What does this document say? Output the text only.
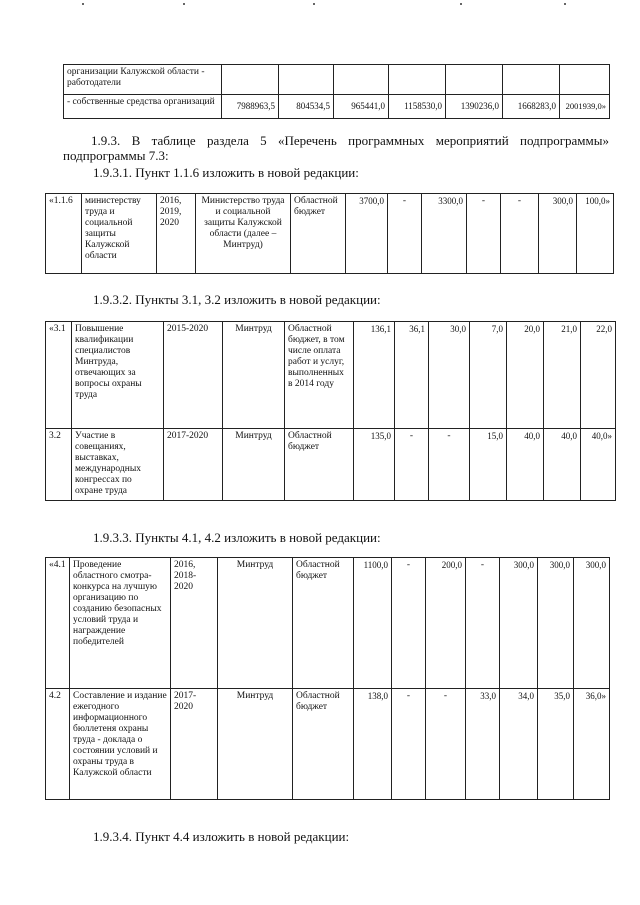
организации Калужской области - работодатели							
- собственные средства организаций	7988963,5	804534,5	965441,0	1158530,0	1390236,0	1668283,0	2001939,0»
1.9.3. В таблице раздела 5 «Перечень программных мероприятий подпрограммы» подпрограммы 7.3:
1.9.3.1. Пункт 1.1.6 изложить в новой редакции:
«1.1.6	министерству труда и социальной защиты Калужской области	2016, 2019, 2020	Министерство труда и социальной защиты Калужской области (далее – Минтруд)	Областной бюджет	3700,0	-	3300,0	-	-	300,0	100,0»
1.9.3.2. Пункты 3.1, 3.2 изложить в новой редакции:
«3.1	Повышение квалификации специалистов Минтруда, отвечающих за вопросы охраны труда	2015-2020	Минтруд	Областной бюджет, в том числе оплата работ и услуг, выполненных в 2014 году	136,1	36,1	30,0	7,0	20,0	21,0	22,0
3.2	Участие в совещаниях, выставках, международных конгрессах по охране труда	2017-2020	Минтруд	Областной бюджет	135,0	-	-	15,0	40,0	40,0	40,0»
1.9.3.3. Пункты 4.1, 4.2 изложить в новой редакции:
«4.1	Проведение областного смотра-конкурса на лучшую организацию по созданию безопасных условий труда и награждение победителей	2016, 2018-2020	Минтруд	Областной бюджет	1100,0	-	200,0	-	300,0	300,0	300,0
4.2	Составление и издание ежегодного информационного бюллетеня охраны труда - доклада о состоянии условий и охраны труда в Калужской области	2017-2020	Минтруд	Областной бюджет	138,0	-	-	33,0	34,0	35,0	36,0»
1.9.3.4. Пункт 4.4 изложить в новой редакции:
